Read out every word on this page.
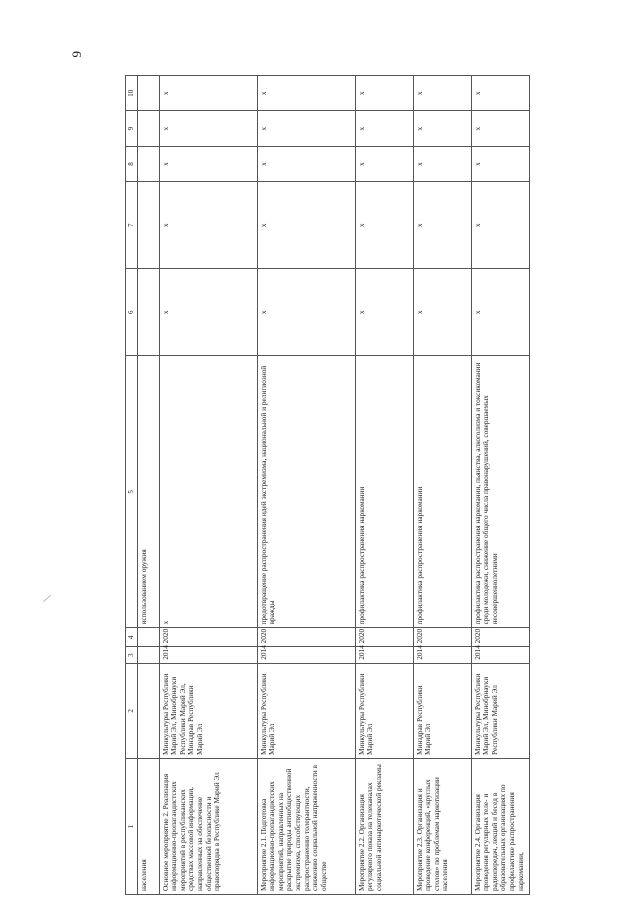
9
1	2	3	4	5	6	7	8	9	10
населения				использованием оружия					
Основное мероприятие 2. Реализация информационно-пропагандистских мероприятий в республиканских средствах массовой информации, направленных на обеспечение общественной безопасности и правопорядка в Республике Марий Эл	Минкультуры Республики Марий Эл, Минобрнауки Республики Марий Эл, Минздрав Республики Марий Эл	2014	2020	х	х	х	х	х	х
Мероприятие 2.1. Подготовка информационно-пропагандистских мероприятий, направленных на раскрытие природы антиобщественной экстремизма, способствующих распространению толерантности, снижению социальной напряженности в обществе	Минкультуры Республики Марий Эл	2014	2020	предотвращение распространения идей экстремизма, национальной и религиозной вражды	х	х	х	х	х
Мероприятие 2.2. Организация регулярного показа на телеканалах социальной антинаркотической рекламы	Минкультуры Республики Марий Эл	2014	2020	профилактика распространения наркомании	х	х	х	х	х
Мероприятие 2.3. Организация и проведение конференций, «круглых столов» по проблемам наркотизации населения	Минздрав Республики Марий Эл	2014	2020	профилактика распространения наркомании	х	х	х	х	х
Мероприятие 2.4. Организация проведения регулярных теле- и радиопередач, лекций и бесед в образовательных организациях по профилактике распространения наркомании,	Минкультуры Республики Марий Эл, Минобрнауки Республики Марий Эл	2014	2020	профилактика распространения наркомании, пьянства, алкоголизма и токсикомании среди молодежи, снижение общего числа правонарушений, совершаемых несовершеннолетними	х	х	х	х	х
